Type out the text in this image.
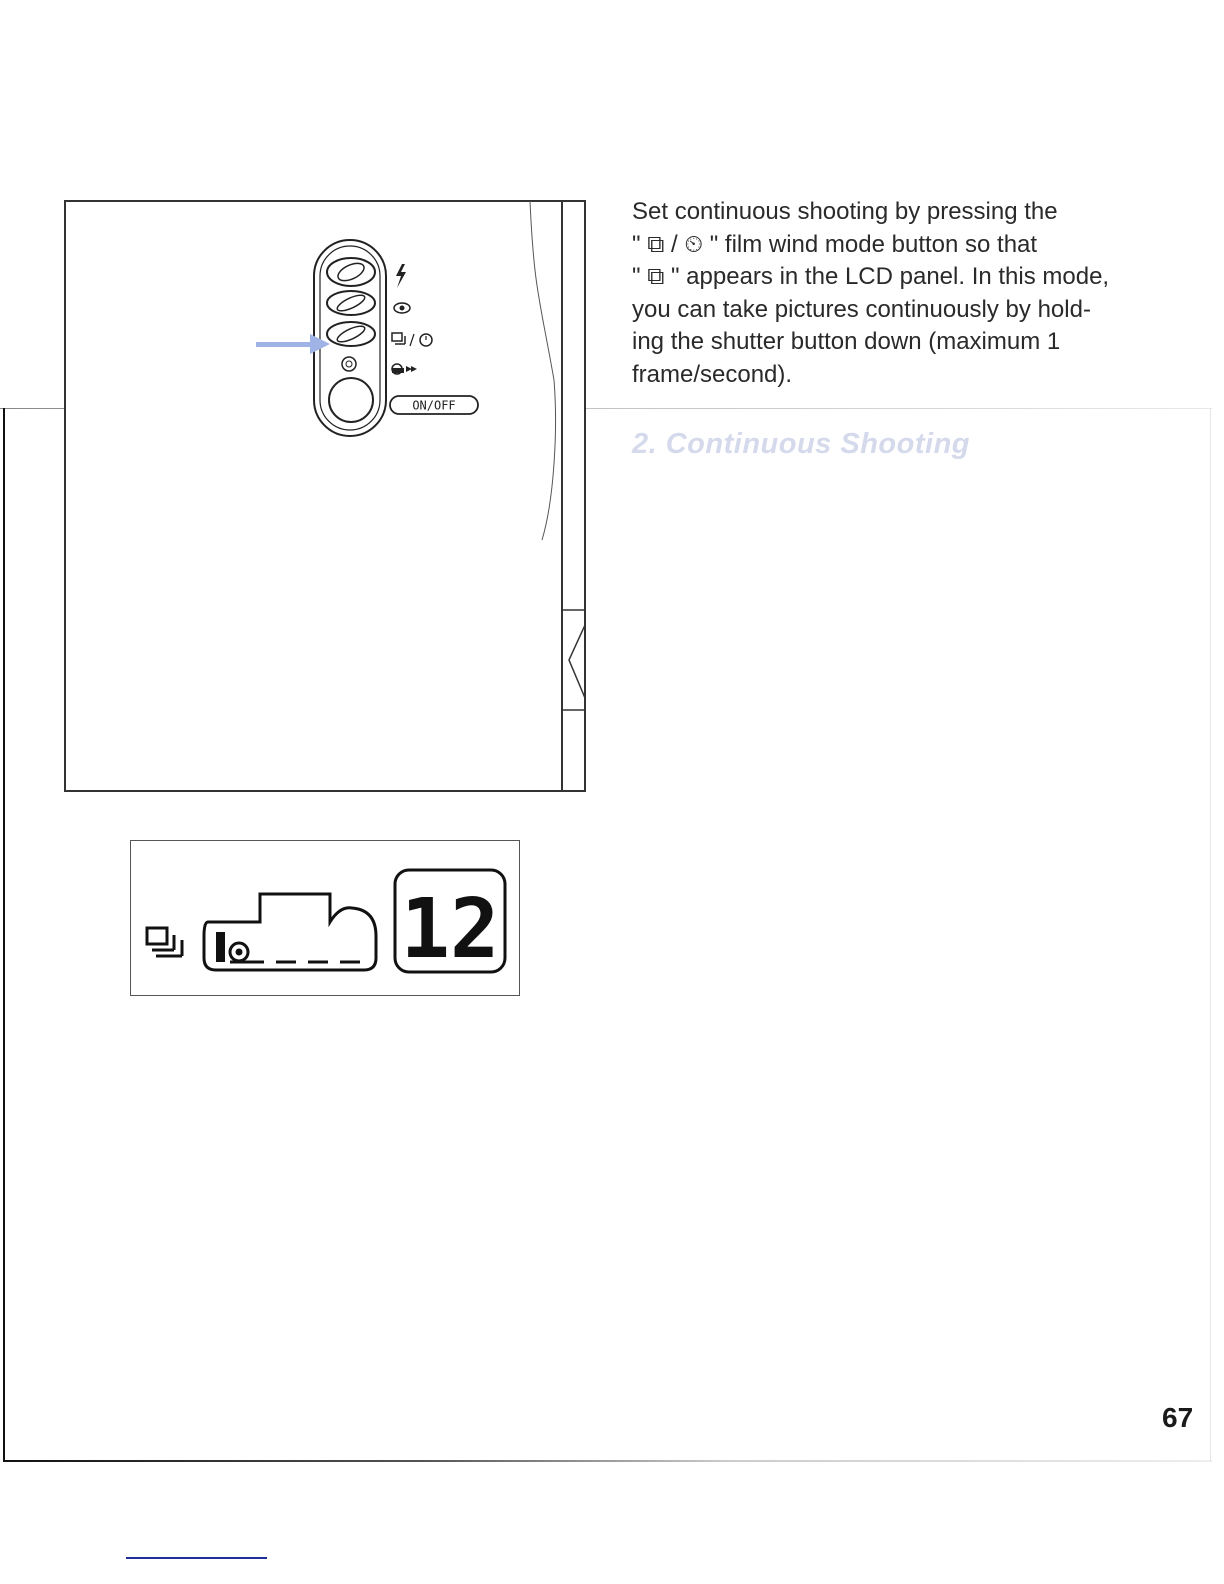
2. Continuous Shooting

Set continuous shooting by pressing the
" ⧉ / ⏲ " film wind mode button so that
" ⧉ " appears in the LCD panel. In this mode,
you can take pictures continuously by hold-
ing the shutter button down (maximum 1
frame/second).

ON/OFF
12
67
